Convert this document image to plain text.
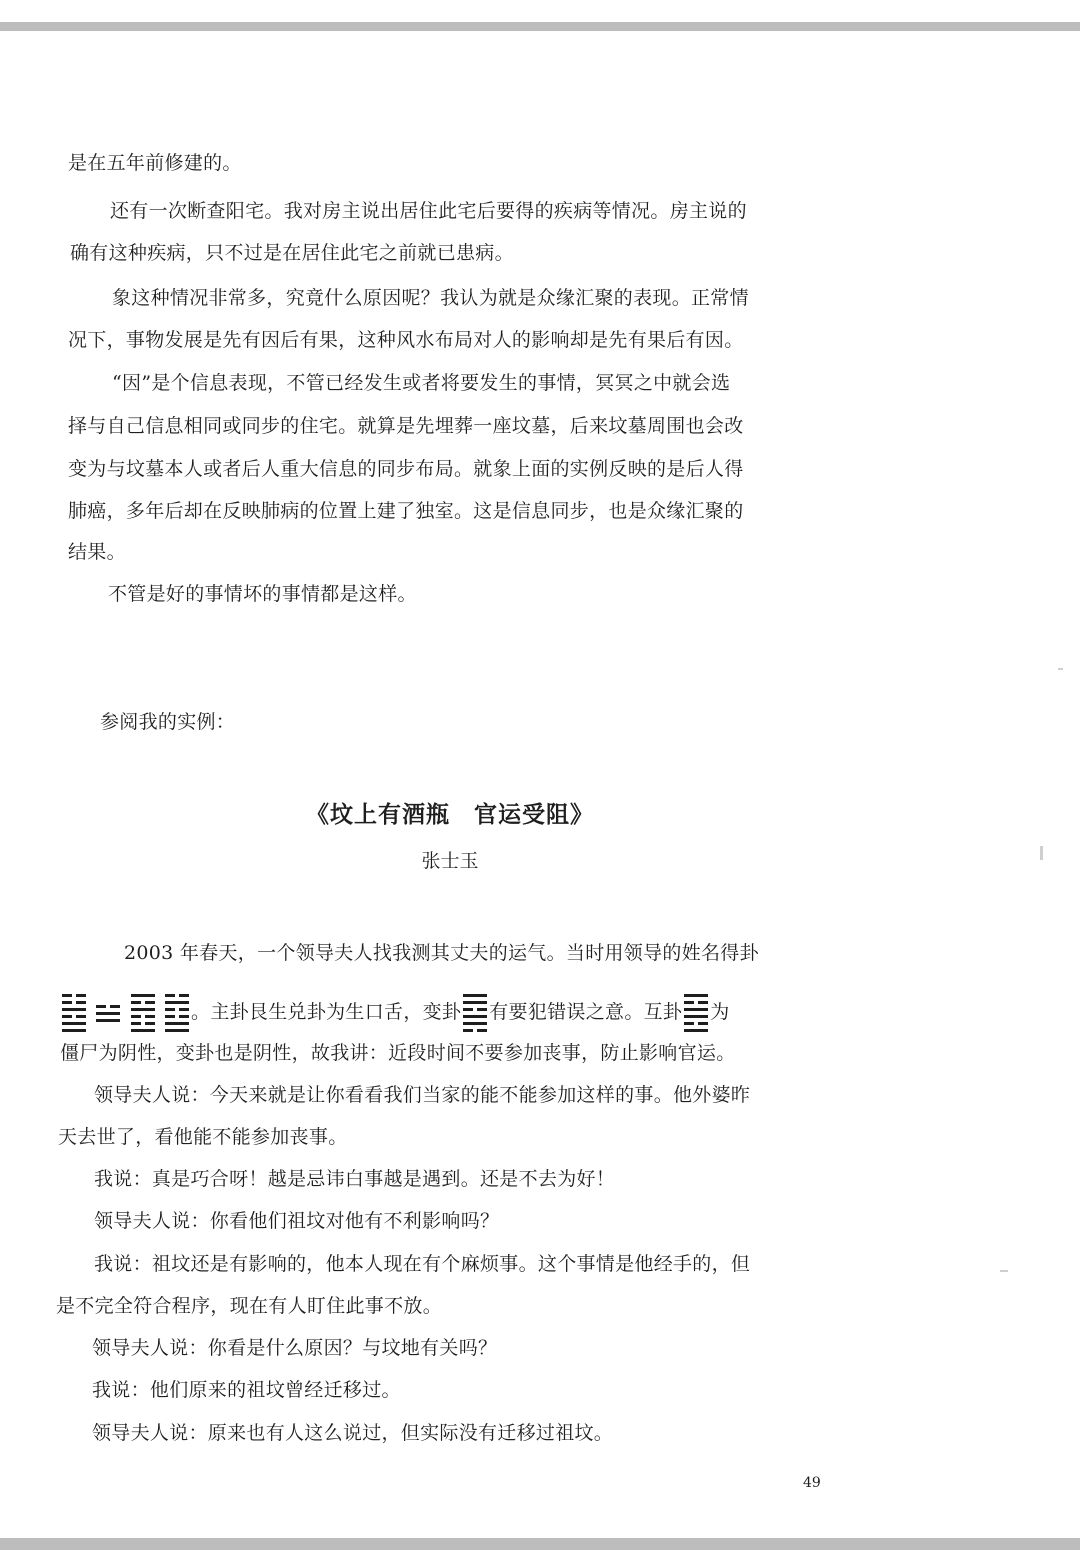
是在五年前修建的。
还有一次断查阳宅。我对房主说出居住此宅后要得的疾病等情况。房主说的
确有这种疾病，只不过是在居住此宅之前就已患病。
象这种情况非常多，究竟什么原因呢？我认为就是众缘汇聚的表现。正常情
况下，事物发展是先有因后有果，这种风水布局对人的影响却是先有果后有因。
“因”是个信息表现，不管已经发生或者将要发生的事情，冥冥之中就会选
择与自己信息相同或同步的住宅。就算是先埋葬一座坟墓，后来坟墓周围也会改
变为与坟墓本人或者后人重大信息的同步布局。就象上面的实例反映的是后人得
肺癌，多年后却在反映肺病的位置上建了独室。这是信息同步，也是众缘汇聚的
结果。
不管是好的事情坏的事情都是这样。
参阅我的实例：
《坟上有酒瓶　官运受阻》
张士玉
2003 年春天，一个领导夫人找我测其丈夫的运气。当时用领导的姓名得卦

。主卦艮生兑卦为生口舌，变卦 有要犯错误之意。互卦 为
僵尸为阴性，变卦也是阴性，故我讲：近段时间不要参加丧事，防止影响官运。
领导夫人说：今天来就是让你看看我们当家的能不能参加这样的事。他外婆昨
天去世了，看他能不能参加丧事。
我说：真是巧合呀！越是忌讳白事越是遇到。还是不去为好！
领导夫人说：你看他们祖坟对他有不利影响吗？
我说：祖坟还是有影响的，他本人现在有个麻烦事。这个事情是他经手的，但
是不完全符合程序，现在有人盯住此事不放。
领导夫人说：你看是什么原因？与坟地有关吗？
我说：他们原来的祖坟曾经迁移过。
领导夫人说：原来也有人这么说过，但实际没有迁移过祖坟。
49
